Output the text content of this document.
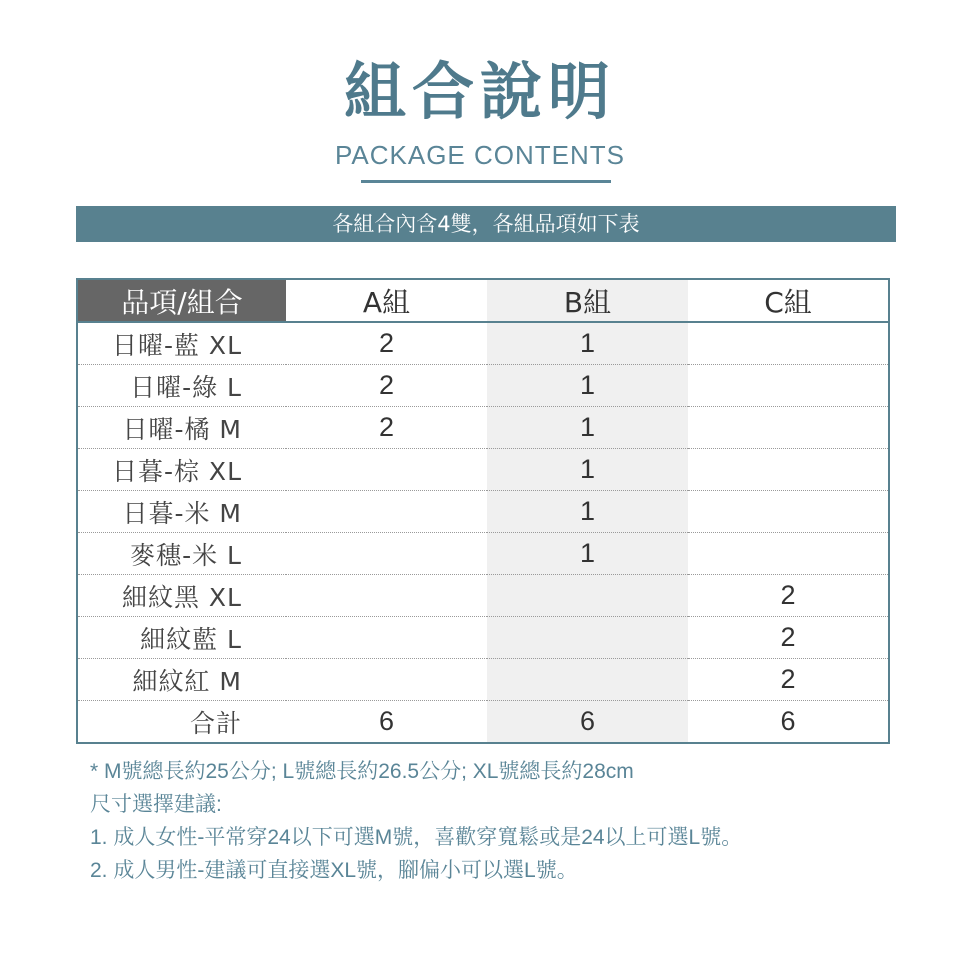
組合說明
PACKAGE CONTENTS
各組合內含4雙，各組品項如下表
品項/組合	A組	B組	C組
日曜-藍 XL	2	1	
日曜-綠 L	2	1	
日曜-橘 M	2	1	
日暮-棕 XL		1	
日暮-米 M		1	
麥穗-米 L		1	
細紋黑 XL			2
細紋藍 L			2
細紋紅 M			2
合計	6	6	6
* M號總長約25公分; L號總長約26.5公分; XL號總長約28cm
尺寸選擇建議:
1. 成人女性-平常穿24以下可選M號，喜歡穿寬鬆或是24以上可選L號。
2. 成人男性-建議可直接選XL號，腳偏小可以選L號。
